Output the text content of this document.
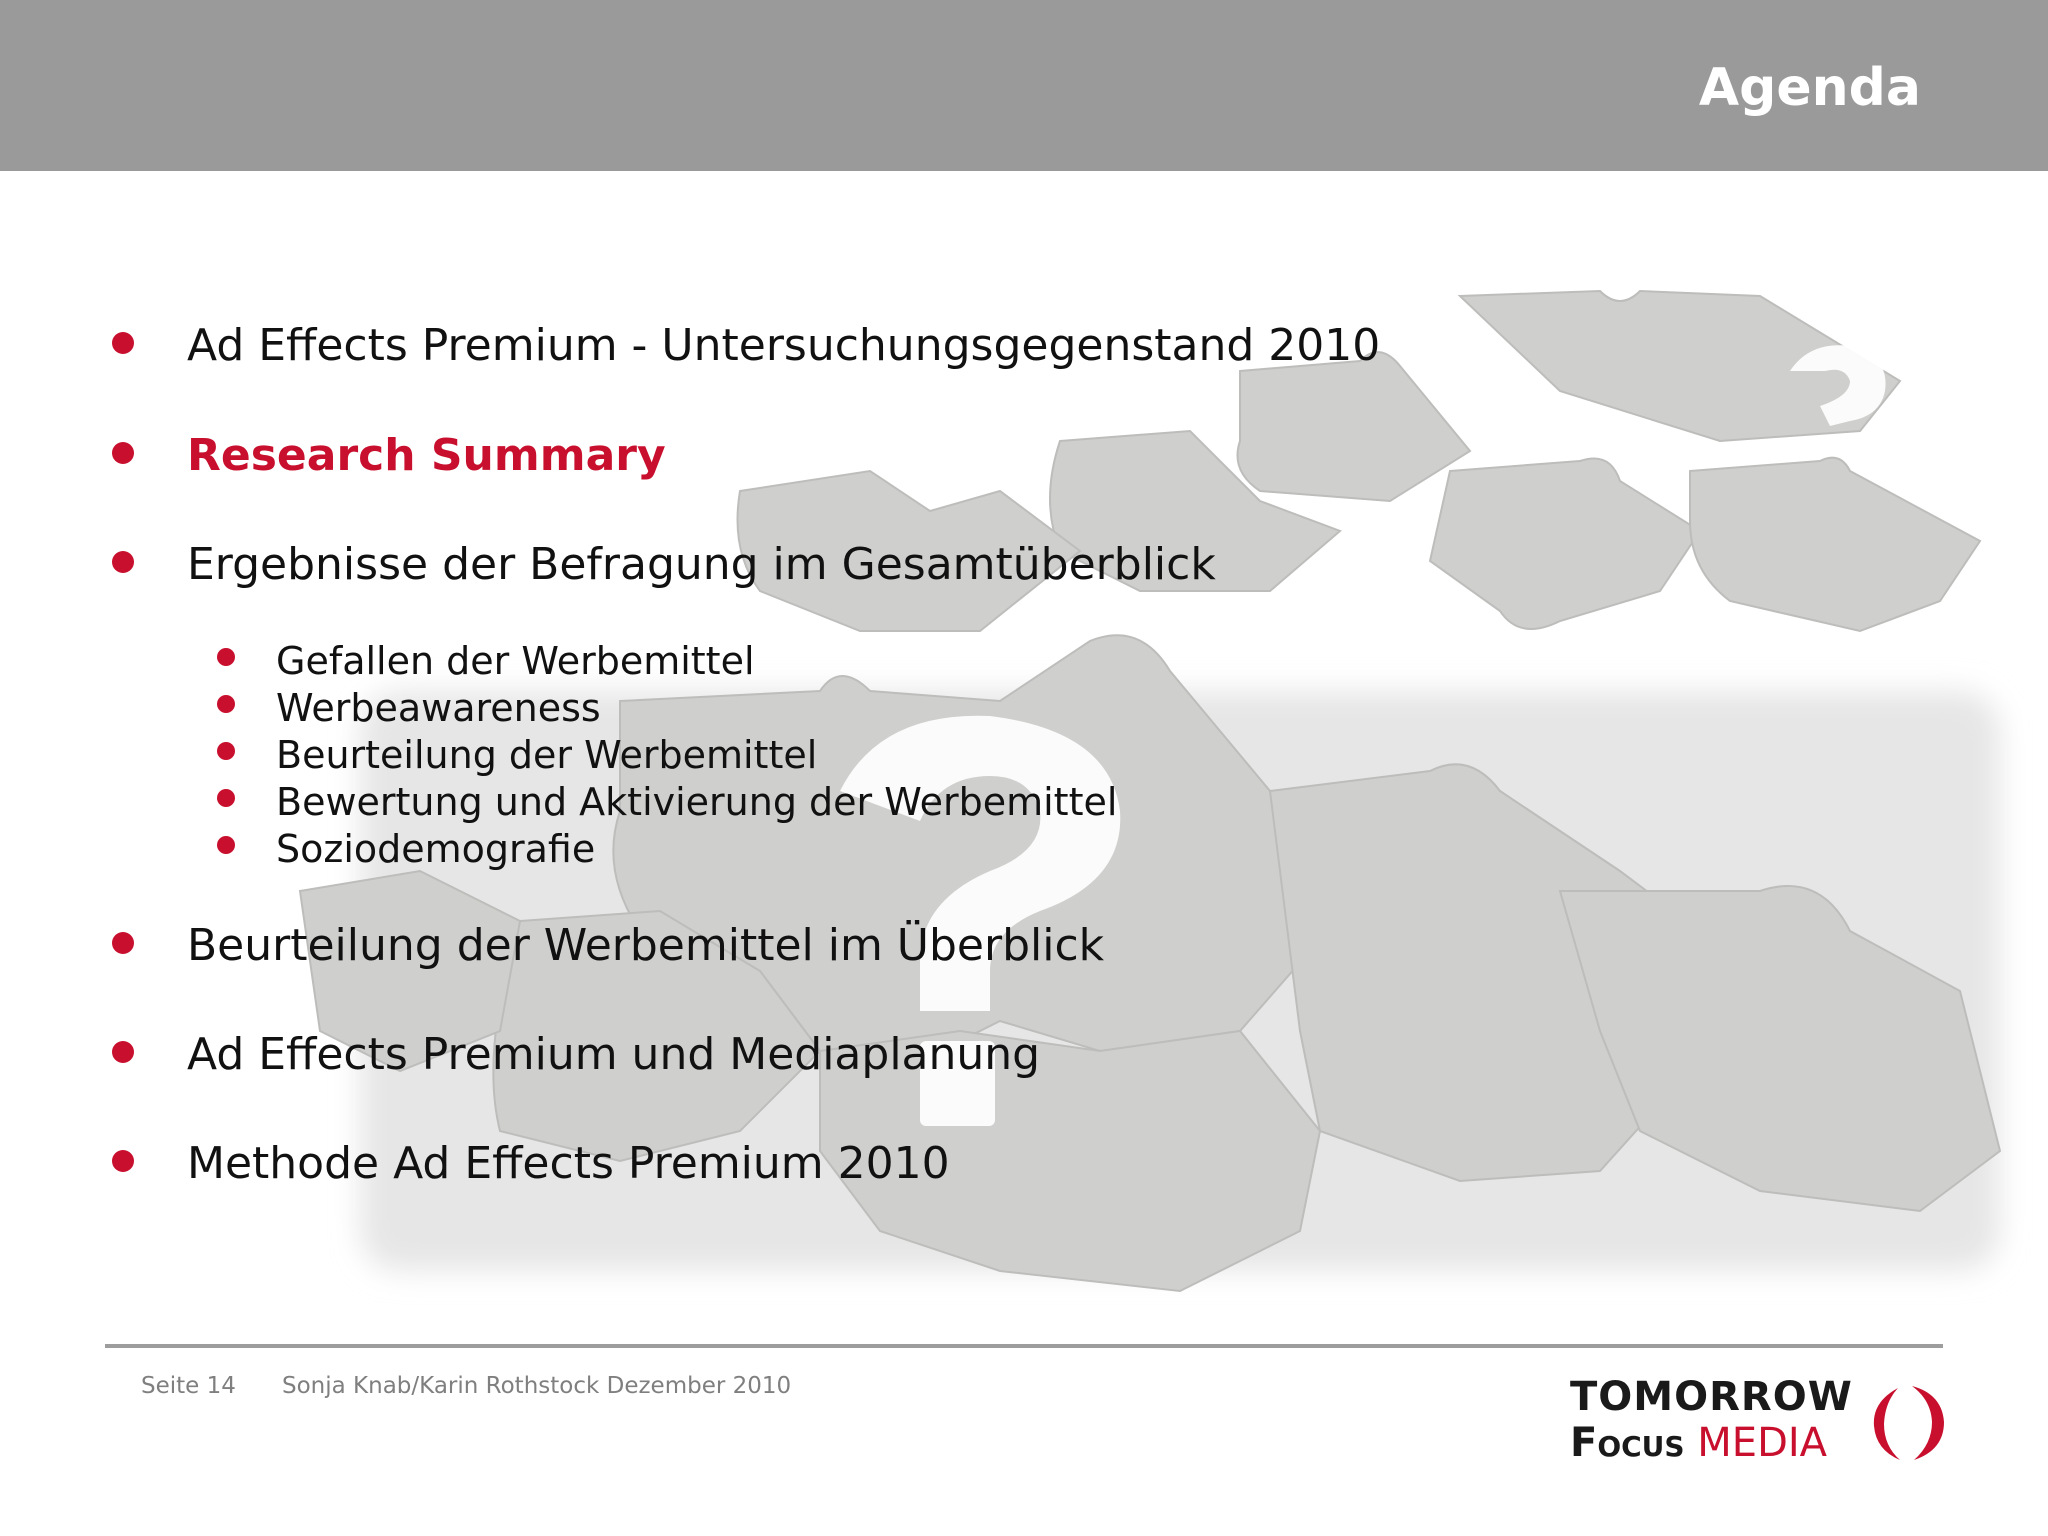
Agenda
Ad Effects Premium - Untersuchungsgegenstand 2010
Research Summary
Ergebnisse der Befragung im Gesamtüberblick
Gefallen der Werbemittel
Werbeawareness
Beurteilung der Werbemittel
Bewertung und Aktivierung der Werbemittel
Soziodemografie
Beurteilung der Werbemittel im Überblick
Ad Effects Premium und Mediaplanung
Methode Ad Effects Premium 2010
Seite 14 Sonja Knab/Karin Rothstock Dezember 2010	TOMORROW
Focus MEDIA
